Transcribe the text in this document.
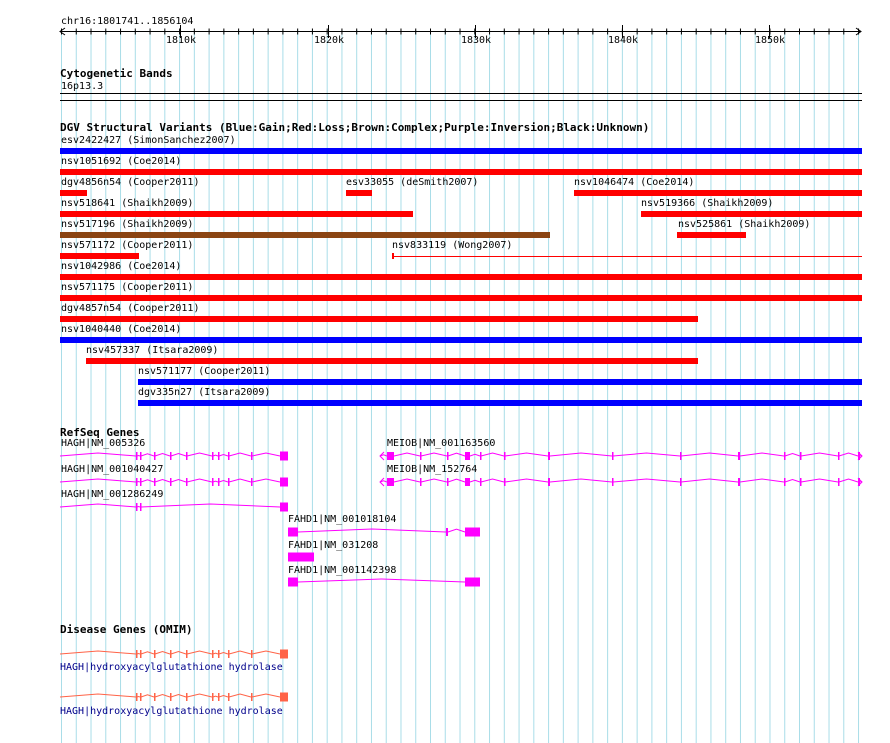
chr16:1801741..1856104
1810k	1820k	1830k	1840k	1850k
Cytogenetic Bands
16p13.3
DGV Structural Variants (Blue:Gain;Red:Loss;Brown:Complex;Purple:Inversion;Black:Unknown)
esv2422427 (SimonSanchez2007)
nsv1051692 (Coe2014)
dgv4856n54 (Cooper2011)	esv33055 (deSmith2007)	nsv1046474 (Coe2014)
nsv518641 (Shaikh2009)	nsv519366 (Shaikh2009)
nsv517196 (Shaikh2009)	nsv525861 (Shaikh2009)
nsv571172 (Cooper2011)	nsv833119 (Wong2007)
nsv1042986 (Coe2014)
nsv571175 (Cooper2011)
dgv4857n54 (Cooper2011)
nsv1040440 (Coe2014)
nsv457337 (Itsara2009)
nsv571177 (Cooper2011)
dgv335n27 (Itsara2009)
RefSeq Genes
HAGH|NM_005326	MEIOB|NM_001163560
HAGH|NM_001040427	MEIOB|NM_152764
HAGH|NM_001286249
FAHD1|NM_001018104
FAHD1|NM_031208
FAHD1|NM_001142398
Disease Genes (OMIM)
HAGH|hydroxyacylglutathione hydrolase
HAGH|hydroxyacylglutathione hydrolase
